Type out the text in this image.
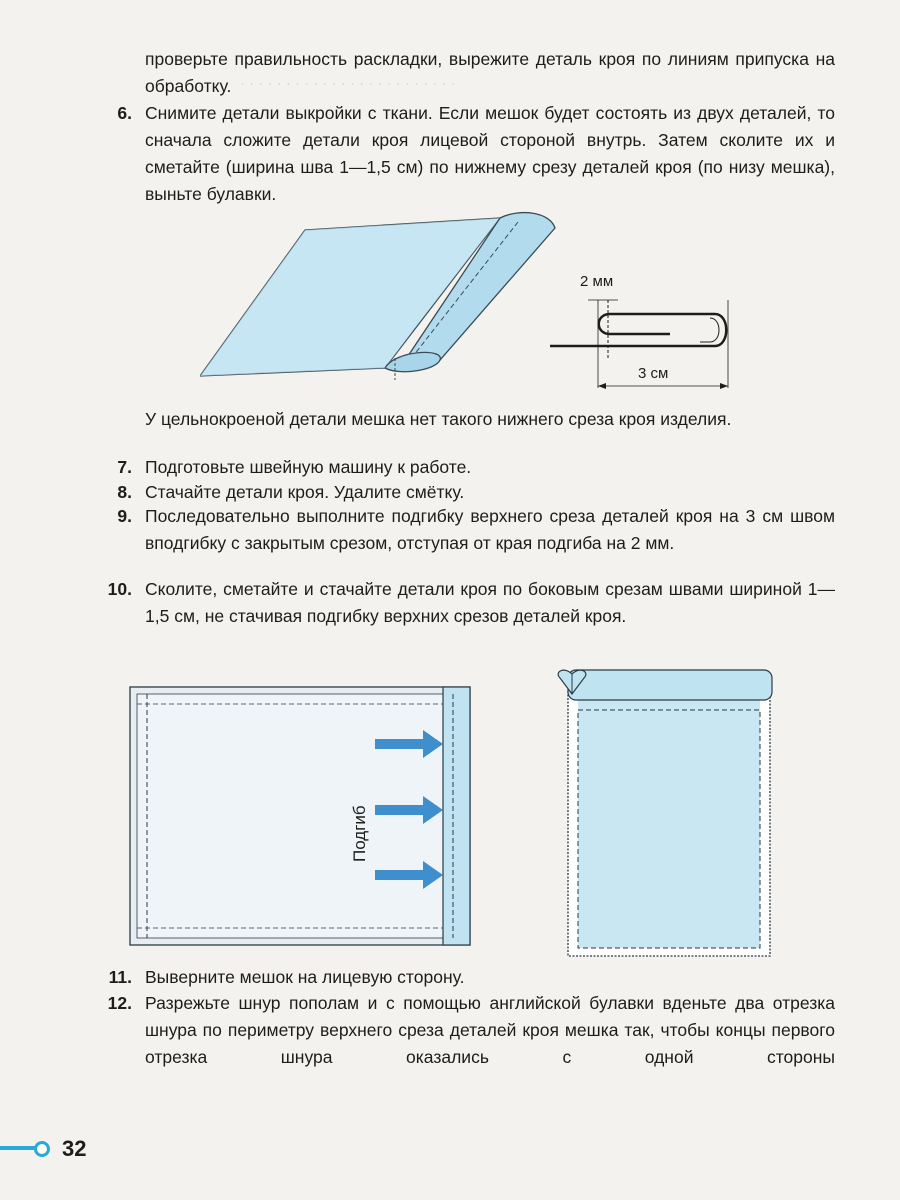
· · · · · · · · · · · · · · · · · · · · · · · ·
проверьте правильность раскладки, вырежите деталь кроя по линиям припуска на обработку.
6. Снимите детали выкройки с ткани. Если мешок будет состоять из двух деталей, то сначала сложите детали кроя лицевой стороной внутрь. Затем сколите их и сметайте (ширина шва 1—1,5 см) по нижнему срезу деталей кроя (по низу мешка), выньте булавки.
2 мм
3 см
У цельнокроеной детали мешка нет такого нижнего среза кроя изделия.
7. Подготовьте швейную машину к работе.
8. Стачайте детали кроя. Удалите смётку.
9. Последовательно выполните подгибку верхнего среза деталей кроя на 3 см швом вподгибку с закрытым срезом, отступая от края подгиба на 2 мм.
10. Сколите, сметайте и стачайте детали кроя по боковым срезам швами шириной 1—1,5 см, не стачивая подгибку верхних срезов деталей кроя.
Подгиб
11. Выверните мешок на лицевую сторону.
12. Разрежьте шнур пополам и с помощью английской булавки вденьте два отрезка шнура по периметру верхнего среза деталей кроя мешка так, чтобы концы первого отрезка шнура оказались с одной стороны
32
